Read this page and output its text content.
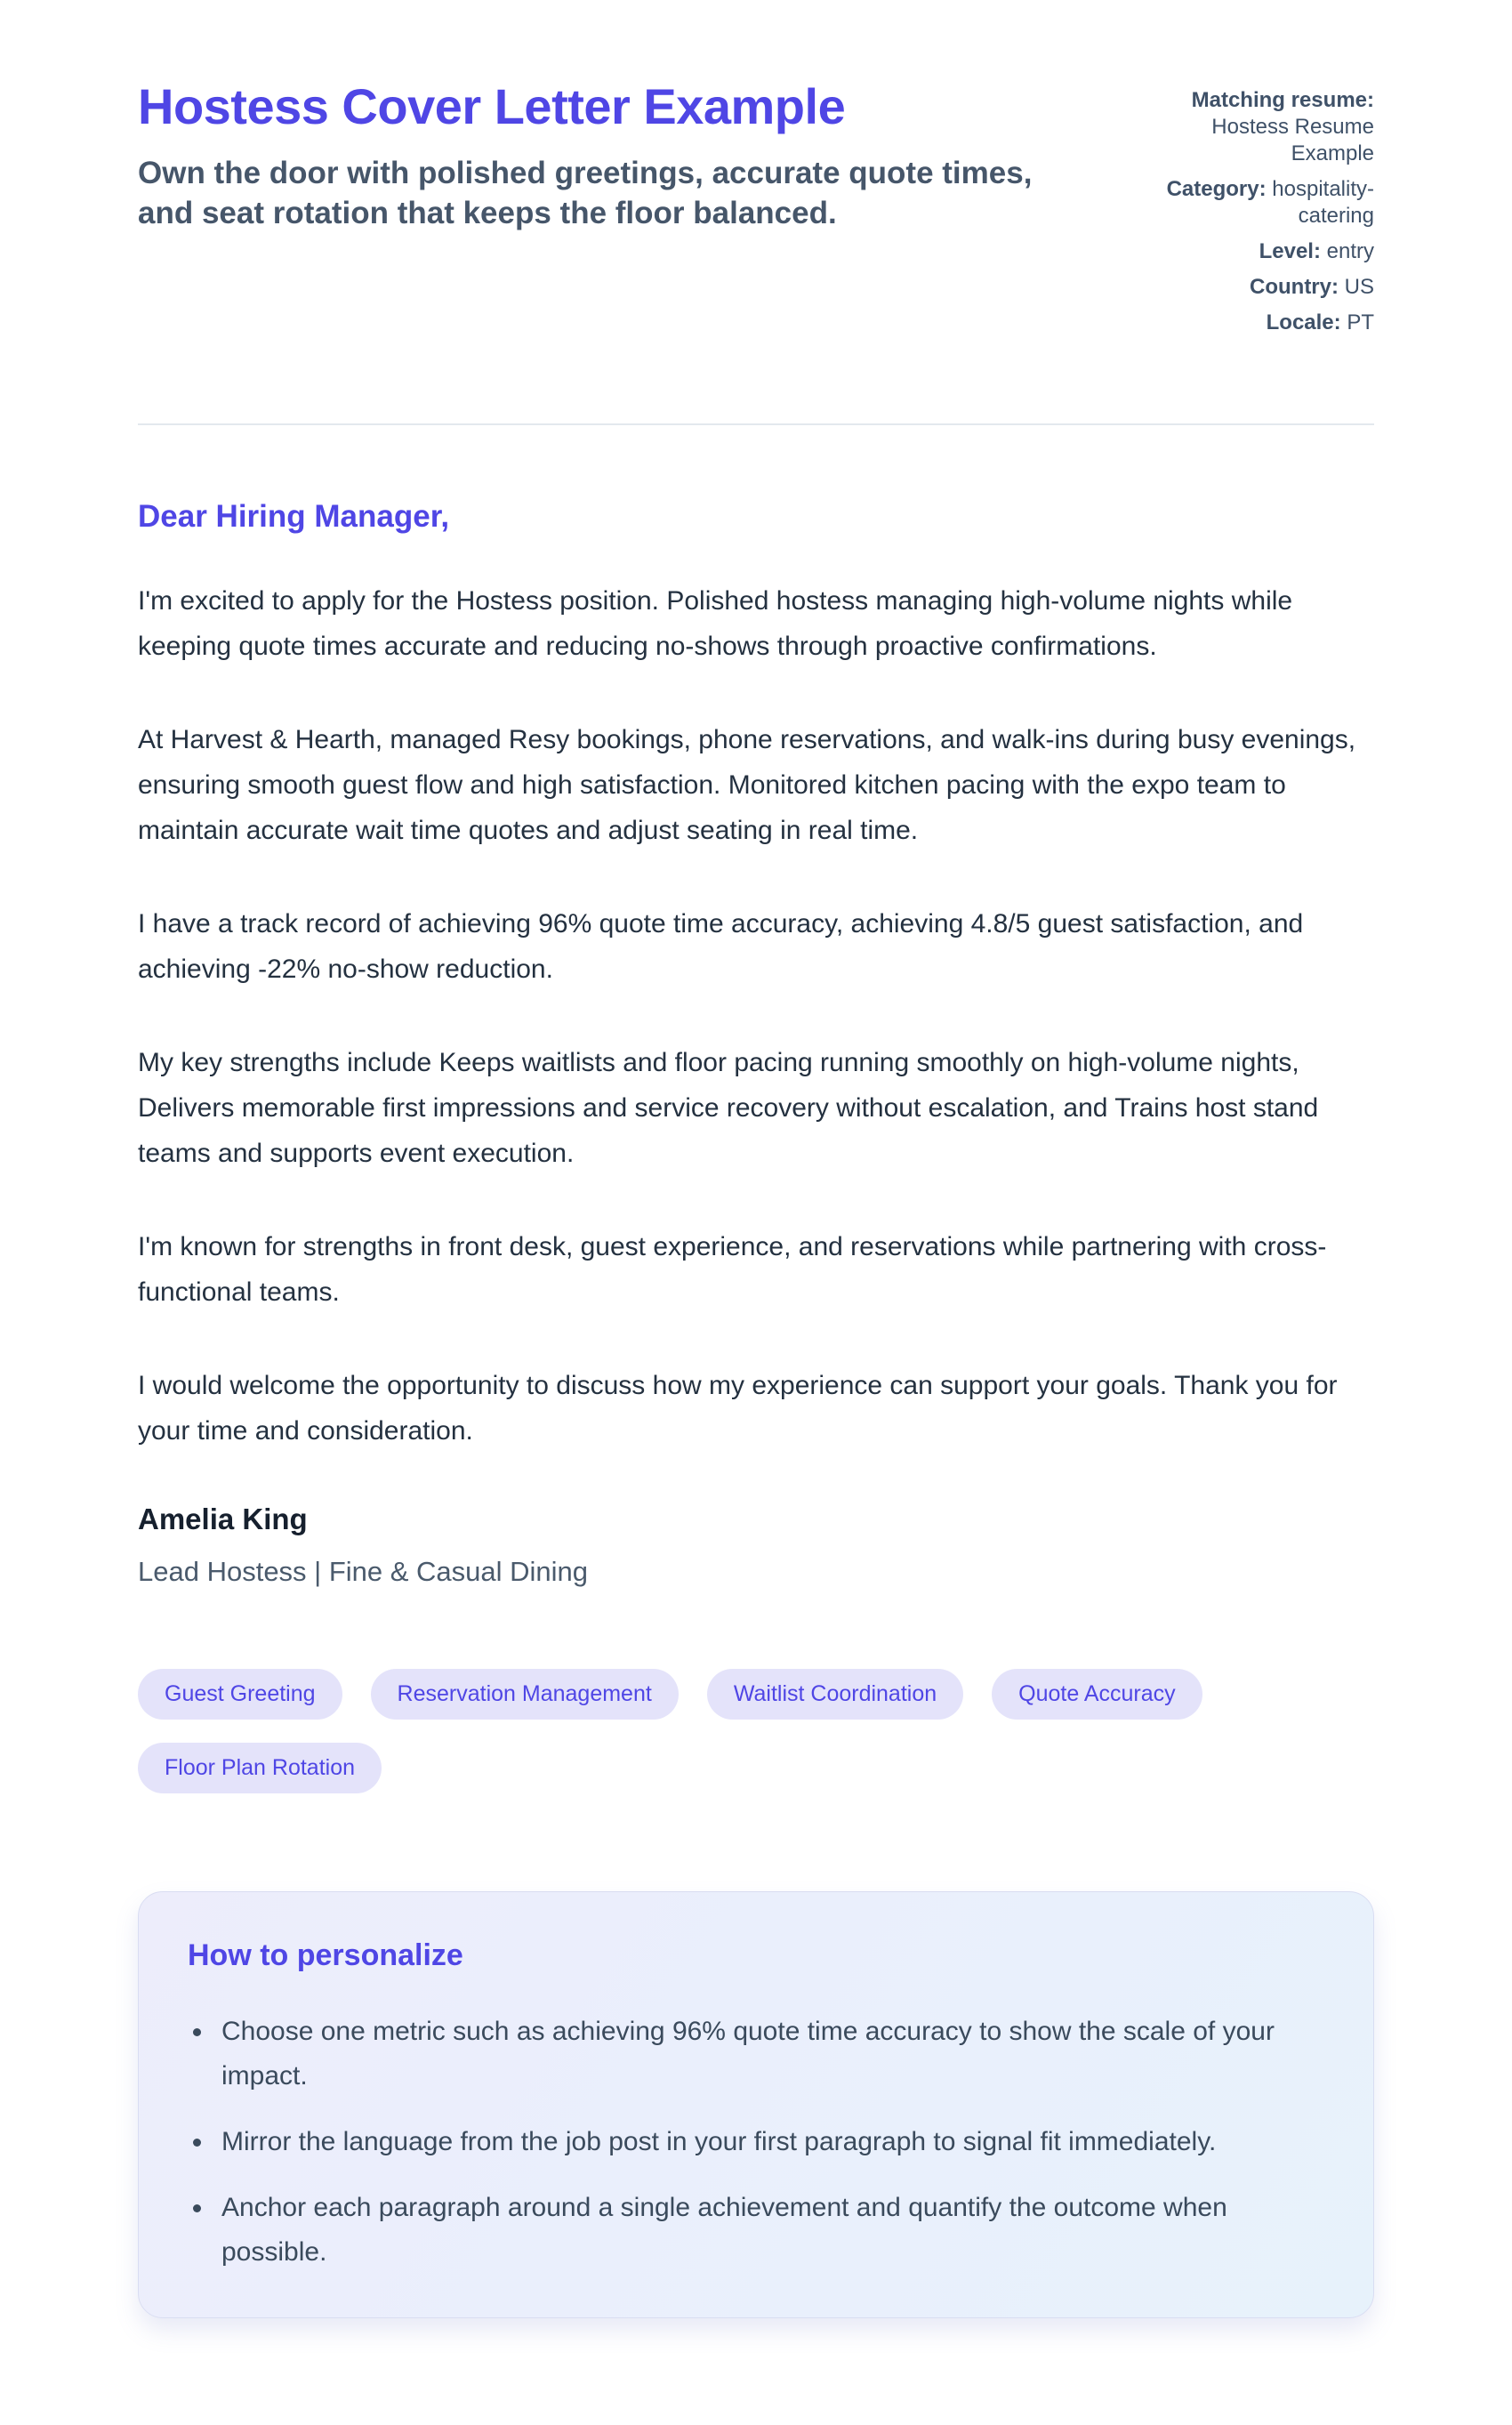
Hostess Cover Letter Example

Own the door with polished greetings, accurate quote times, and seat rotation that keeps the floor balanced.

Matching resume: Hostess Resume Example
Category: hospitality-catering
Level: entry
Country: US
Locale: PT

Dear Hiring Manager,

I'm excited to apply for the Hostess position. Polished hostess managing high-volume nights while keeping quote times accurate and reducing no-shows through proactive confirmations.

At Harvest & Hearth, managed Resy bookings, phone reservations, and walk-ins during busy evenings, ensuring smooth guest flow and high satisfaction. Monitored kitchen pacing with the expo team to maintain accurate wait time quotes and adjust seating in real time.

I have a track record of achieving 96% quote time accuracy, achieving 4.8/5 guest satisfaction, and achieving -22% no-show reduction.

My key strengths include Keeps waitlists and floor pacing running smoothly on high-volume nights, Delivers memorable first impressions and service recovery without escalation, and Trains host stand teams and supports event execution.

I'm known for strengths in front desk, guest experience, and reservations while partnering with cross-functional teams.

I would welcome the opportunity to discuss how my experience can support your goals. Thank you for your time and consideration.

Amelia King

Lead Hostess | Fine & Casual Dining

Guest Greeting	Reservation Management	Waitlist Coordination	Quote Accuracy
Floor Plan Rotation
How to personalize
• Choose one metric such as achieving 96% quote time accuracy to show the scale of your impact.
• Mirror the language from the job post in your first paragraph to signal fit immediately.
• Anchor each paragraph around a single achievement and quantify the outcome when possible.
